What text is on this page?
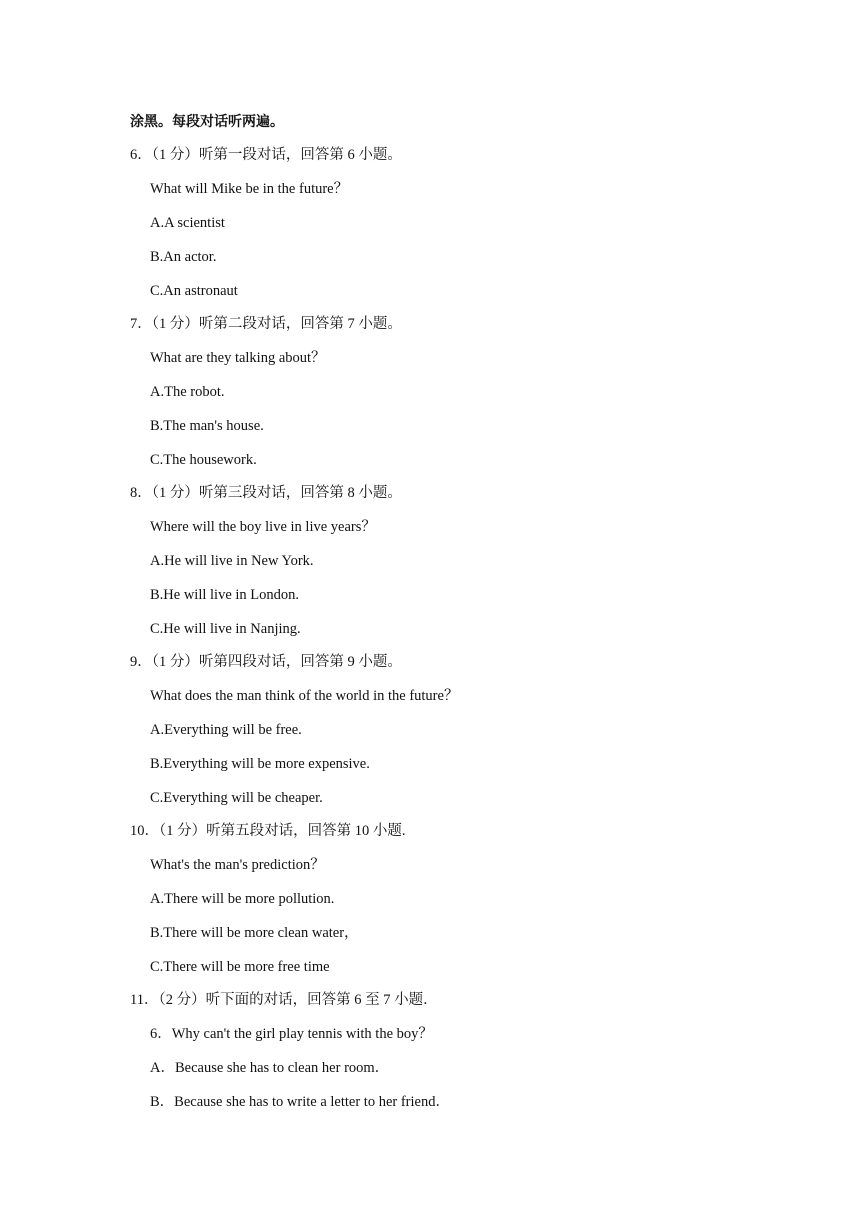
涂黑。每段对话听两遍。
6．（1 分）听第一段对话，回答第 6 小题。
What will Mike be in the future？
A.A scientist
B.An actor.
C.An astronaut
7．（1 分）听第二段对话，回答第 7 小题。
What are they talking about？
A.The robot.
B.The man's house.
C.The housework.
8．（1 分）听第三段对话，回答第 8 小题。
Where will the boy live in live years？
A.He will live in New York.
B.He will live in London.
C.He will live in Nanjing.
9．（1 分）听第四段对话，回答第 9 小题。
What does the man think of the world in the future？
A.Everything will be free.
B.Everything will be more expensive.
C.Everything will be cheaper.
10．（1 分）听第五段对话，回答第 10 小题.
What's the man's prediction？
A.There will be more pollution.
B.There will be more clean water，
C.There will be more free time
11．（2 分）听下面的对话，回答第 6 至 7 小题．
6．Why can't the girl play tennis with the boy？
A．Because she has to clean her room．
B．Because she has to write a letter to her friend．
